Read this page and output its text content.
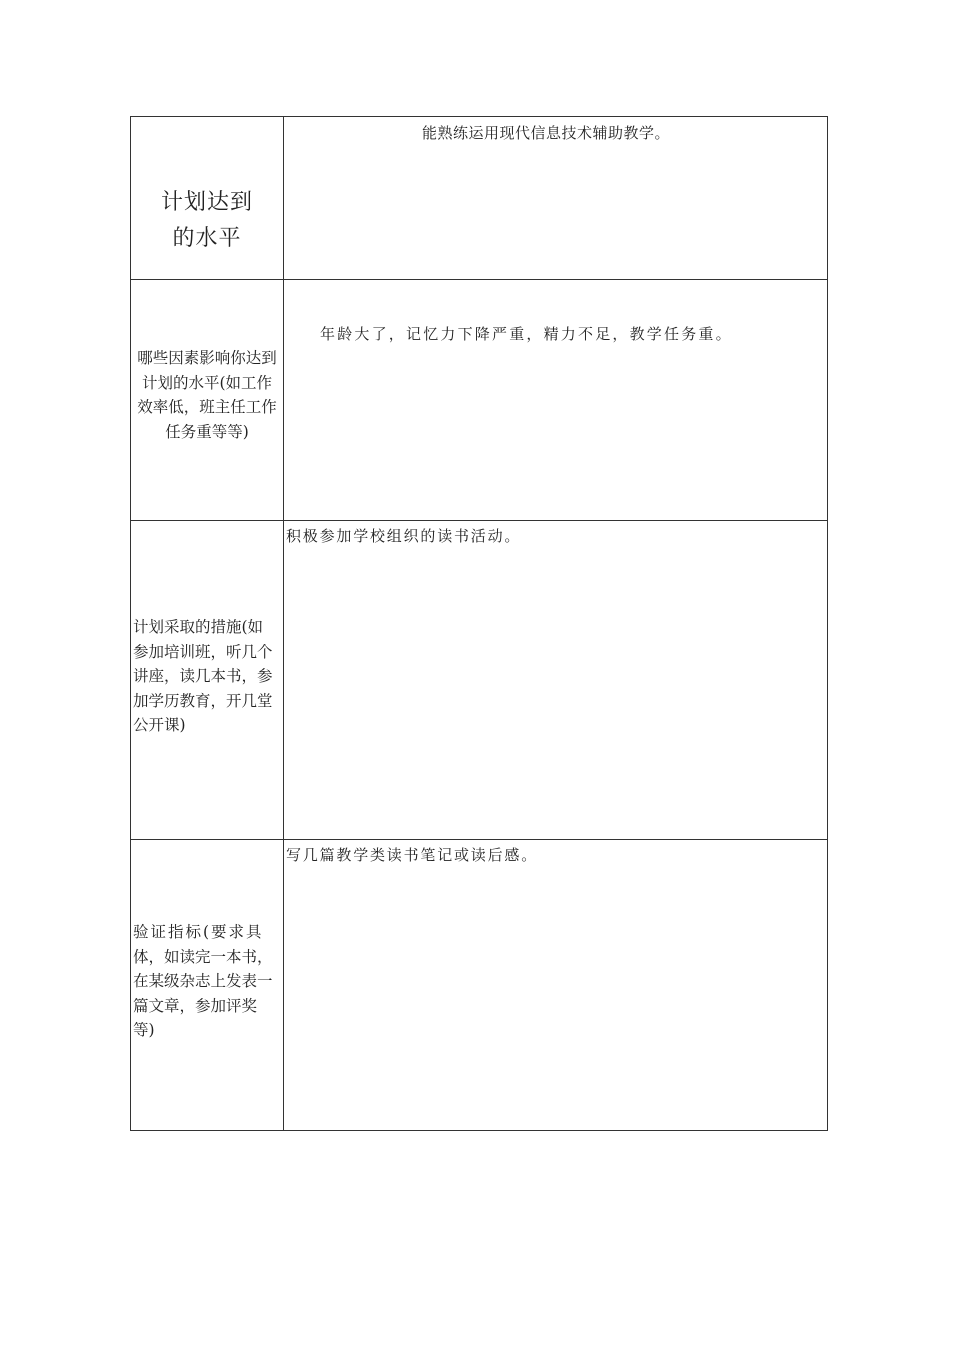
计划达到
的水平
能熟练运用现代信息技术辅助教学。
哪些因素影响你达到
计划的水平(如工作
效率低，班主任工作
任务重等等)
年龄大了，记忆力下降严重，精力不足，教学任务重。
计划采取的措施(如
参加培训班，听几个
讲座，读几本书，参
加学历教育，开几堂
公开课)
积极参加学校组织的读书活动。
验证指标(要求具
体，如读完一本书，
在某级杂志上发表一
篇文章，参加评奖
等)
写几篇教学类读书笔记或读后感。
